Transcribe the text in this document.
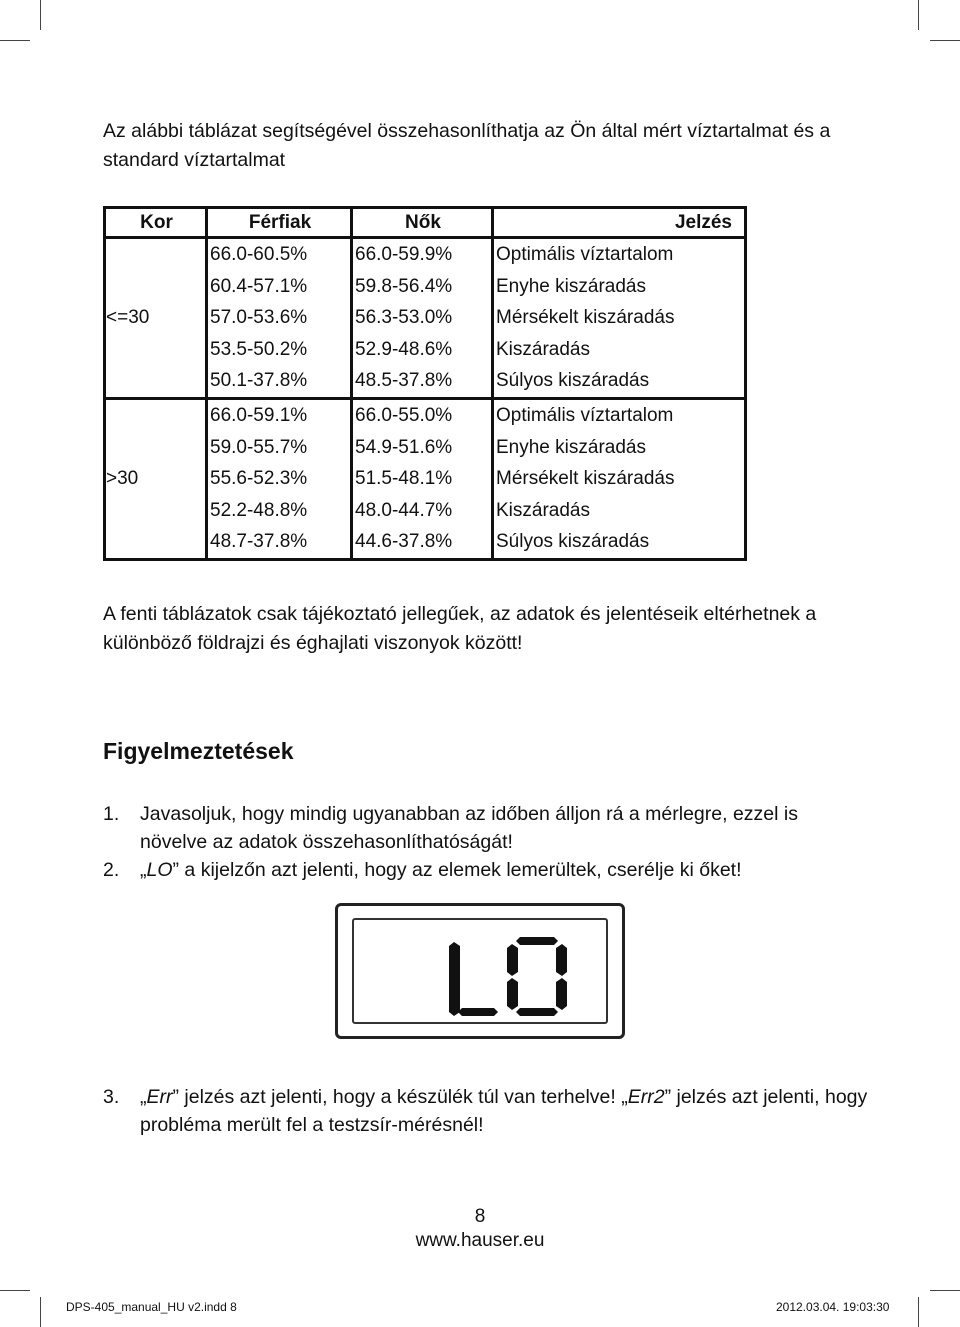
Az alábbi táblázat segítségével összehasonlíthatja az Ön által mért víztartalmat és a standard víztartalmat

Kor	Férfiak	Nők	Jelzés
<=30	66.0-60.5%	66.0-59.9%	Optimális víztartalom
	60.4-57.1%	59.8-56.4%	Enyhe kiszáradás
	57.0-53.6%	56.3-53.0%	Mérsékelt kiszáradás
	53.5-50.2%	52.9-48.6%	Kiszáradás
	50.1-37.8%	48.5-37.8%	Súlyos kiszáradás
>30	66.0-59.1%	66.0-55.0%	Optimális víztartalom
	59.0-55.7%	54.9-51.6%	Enyhe kiszáradás
	55.6-52.3%	51.5-48.1%	Mérsékelt kiszáradás
	52.2-48.8%	48.0-44.7%	Kiszáradás
	48.7-37.8%	44.6-37.8%	Súlyos kiszáradás

A fenti táblázatok csak tájékoztató jellegűek, az adatok és jelentéseik eltérhetnek a különböző földrajzi és éghajlati viszonyok között!

Figyelmeztetések
1. Javasoljuk, hogy mindig ugyanabban az időben álljon rá a mérlegre, ezzel is növelve az adatok összehasonlíthatóságát!
2. „LO” a kijelzőn azt jelenti, hogy az elemek lemerültek, cserélje ki őket!
3. „Err” jelzés azt jelenti, hogy a készülék túl van terhelve! „Err2” jelzés azt jelenti, hogy probléma merült fel a testzsír-mérésnél!
8
www.hauser.eu
DPS-405_manual_HU v2.indd 8	2012.03.04. 19:03:30
